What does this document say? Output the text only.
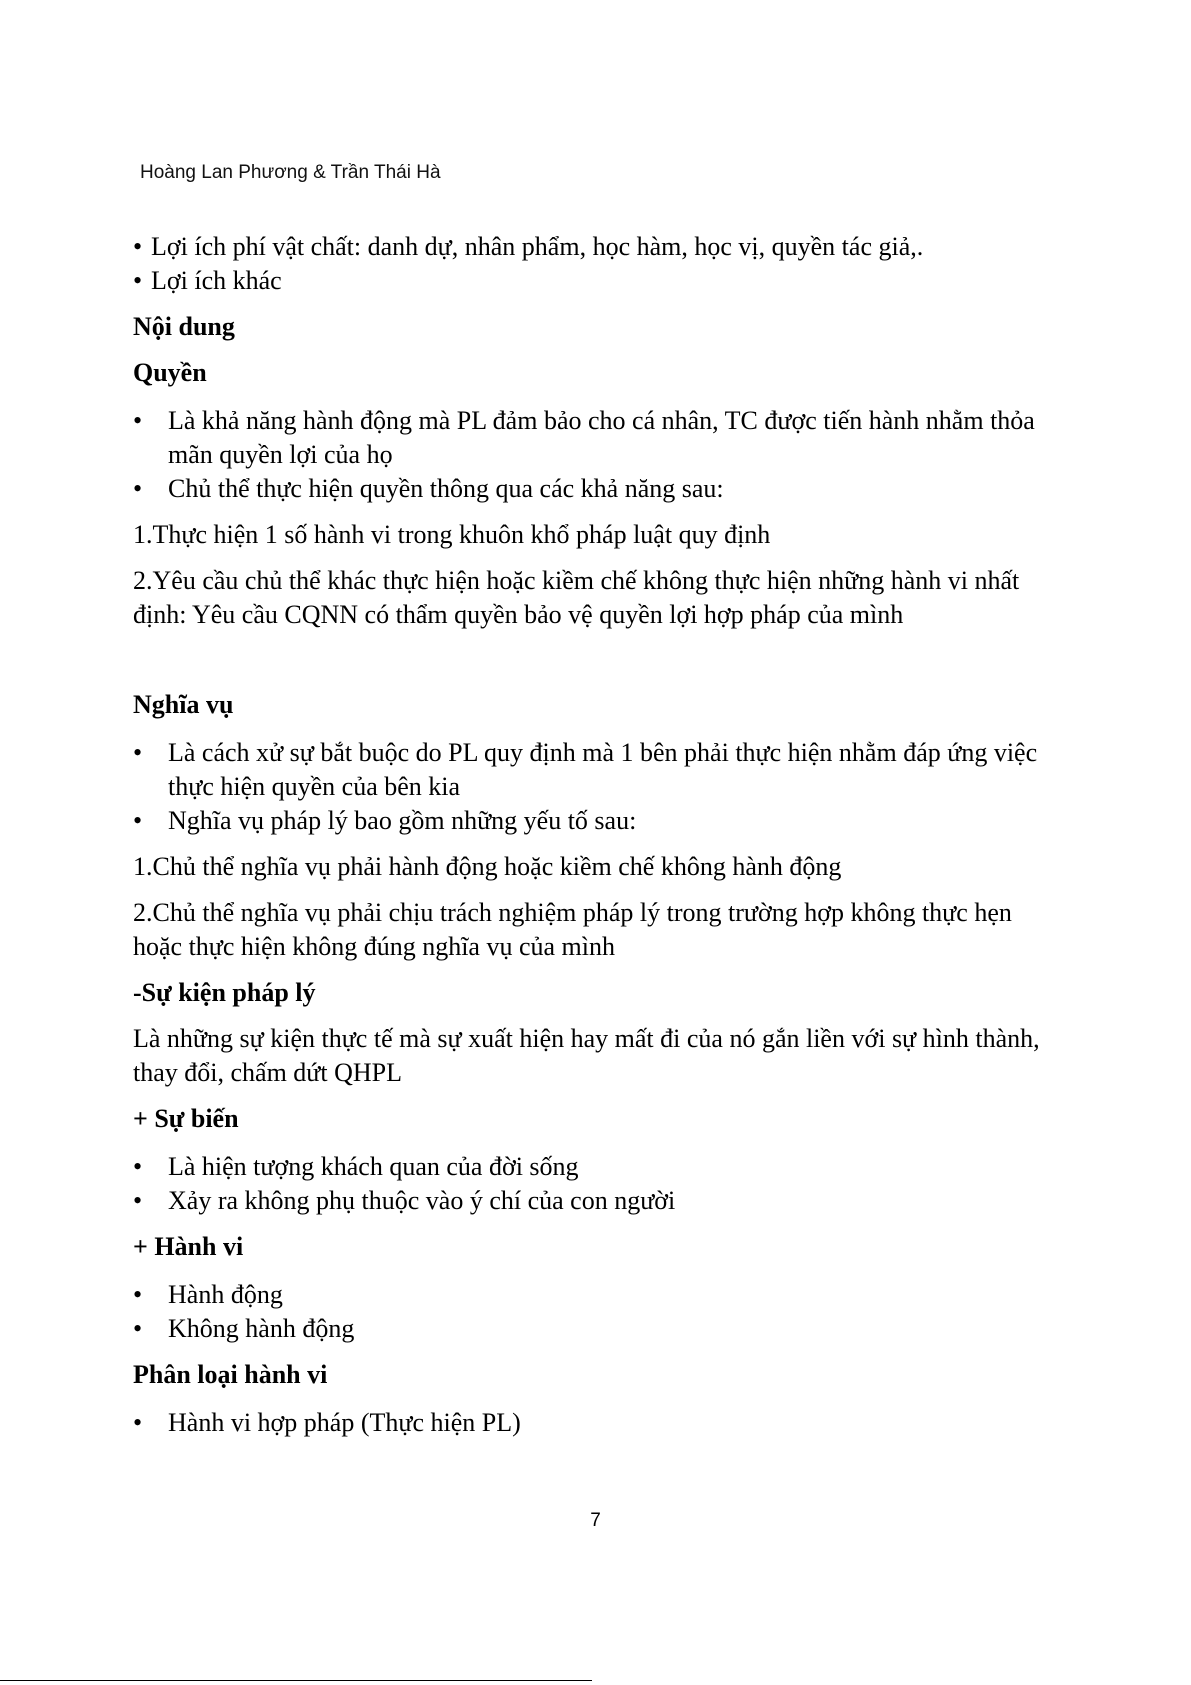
Hoàng Lan Phương & Trần Thái Hà
• Lợi ích phí vật chất: danh dự, nhân phẩm, học hàm, học vị, quyền tác giả,.
• Lợi ích khác

Nội dung

Quyền

• Là khả năng hành động mà PL đảm bảo cho cá nhân, TC được tiến hành nhằm thỏa mãn quyền lợi của họ
• Chủ thể thực hiện quyền thông qua các khả năng sau:

1.Thực hiện 1 số hành vi trong khuôn khổ pháp luật quy định

2.Yêu cầu chủ thể khác thực hiện hoặc kiềm chế không thực hiện những hành vi nhất định: Yêu cầu CQNN có thẩm quyền bảo vệ quyền lợi hợp pháp của mình

Nghĩa vụ

• Là cách xử sự bắt buộc do PL quy định mà 1 bên phải thực hiện nhằm đáp ứng việc thực hiện quyền của bên kia
• Nghĩa vụ pháp lý bao gồm những yếu tố sau:

1.Chủ thể nghĩa vụ phải hành động hoặc kiềm chế không hành động

2.Chủ thể nghĩa vụ phải chịu trách nghiệm pháp lý trong trường hợp không thực hẹn hoặc thực hiện không đúng nghĩa vụ của mình

-Sự kiện pháp lý

Là những sự kiện thực tế mà sự xuất hiện hay mất đi của nó gắn liền với sự hình thành, thay đổi, chấm dứt QHPL

+ Sự biến

• Là hiện tượng khách quan của đời sống
• Xảy ra không phụ thuộc vào ý chí của con người

+ Hành vi

• Hành động
• Không hành động

Phân loại hành vi

• Hành vi hợp pháp (Thực hiện PL)
7
